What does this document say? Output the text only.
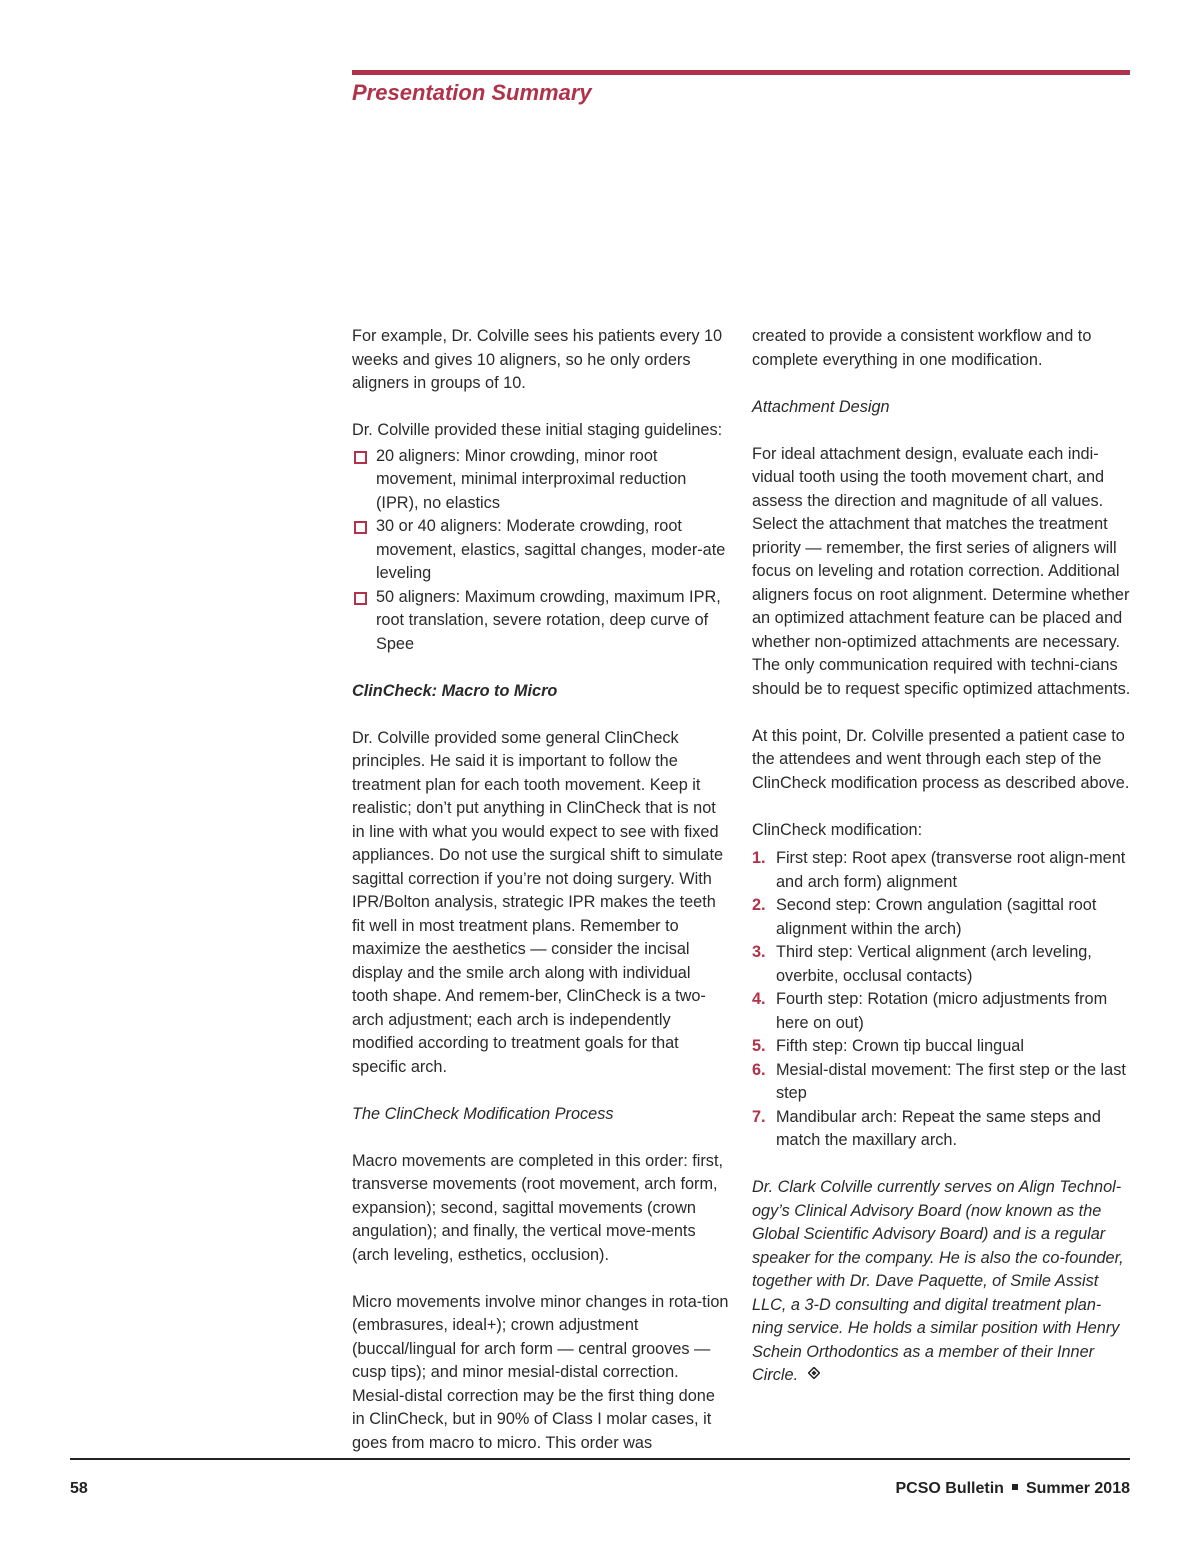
Presentation Summary

For example, Dr. Colville sees his patients every 10 weeks and gives 10 aligners, so he only orders aligners in groups of 10.

Dr. Colville provided these initial staging guidelines:

20 aligners: Minor crowding, minor root movement, minimal interproximal reduction (IPR), no elastics
30 or 40 aligners: Moderate crowding, root movement, elastics, sagittal changes, moder-ate leveling
50 aligners: Maximum crowding, maximum IPR, root translation, severe rotation, deep curve of Spee

ClinCheck: Macro to Micro

Dr. Colville provided some general ClinCheck principles. He said it is important to follow the treatment plan for each tooth movement. Keep it realistic; don’t put anything in ClinCheck that is not in line with what you would expect to see with fixed appliances. Do not use the surgical shift to simulate sagittal correction if you’re not doing surgery. With IPR/Bolton analysis, strategic IPR makes the teeth fit well in most treatment plans. Remember to maximize the aesthetics — consider the incisal display and the smile arch along with individual tooth shape. And remem-ber, ClinCheck is a two-arch adjustment; each arch is independently modified according to treatment goals for that specific arch.

The ClinCheck Modification Process

Macro movements are completed in this order: first, transverse movements (root movement, arch form, expansion); second, sagittal movements (crown angulation); and finally, the vertical move-ments (arch leveling, esthetics, occlusion).

Micro movements involve minor changes in rota-tion (embrasures, ideal+); crown adjustment (buccal/lingual for arch form — central grooves — cusp tips); and minor mesial-distal correction. Mesial-distal correction may be the first thing done in ClinCheck, but in 90% of Class I molar cases, it goes from macro to micro. This order was

created to provide a consistent workflow and to complete everything in one modification.

Attachment Design

For ideal attachment design, evaluate each indi-vidual tooth using the tooth movement chart, and assess the direction and magnitude of all values. Select the attachment that matches the treatment priority — remember, the first series of aligners will focus on leveling and rotation correction. Additional aligners focus on root alignment. Determine whether an optimized attachment feature can be placed and whether non-optimized attachments are necessary.

The only communication required with techni-cians should be to request specific optimized attachments.

At this point, Dr. Colville presented a patient case to the attendees and went through each step of the ClinCheck modification process as described above.

ClinCheck modification:

1. First step: Root apex (transverse root align-ment and arch form) alignment
2. Second step: Crown angulation (sagittal root alignment within the arch)
3. Third step: Vertical alignment (arch leveling, overbite, occlusal contacts)
4. Fourth step: Rotation (micro adjustments from here on out)
5. Fifth step: Crown tip buccal lingual
6. Mesial-distal movement: The first step or the last step
7. Mandibular arch: Repeat the same steps and match the maxillary arch.

Dr. Clark Colville currently serves on Align Technol-ogy’s Clinical Advisory Board (now known as the Global Scientific Advisory Board) and is a regular speaker for the company. He is also the co-founder, together with Dr. Dave Paquette, of Smile Assist LLC, a 3-D consulting and digital treatment plan-ning service. He holds a similar position with Henry Schein Orthodontics as a member of their Inner Circle.

58	PCSO Bulletin Summer 2018
